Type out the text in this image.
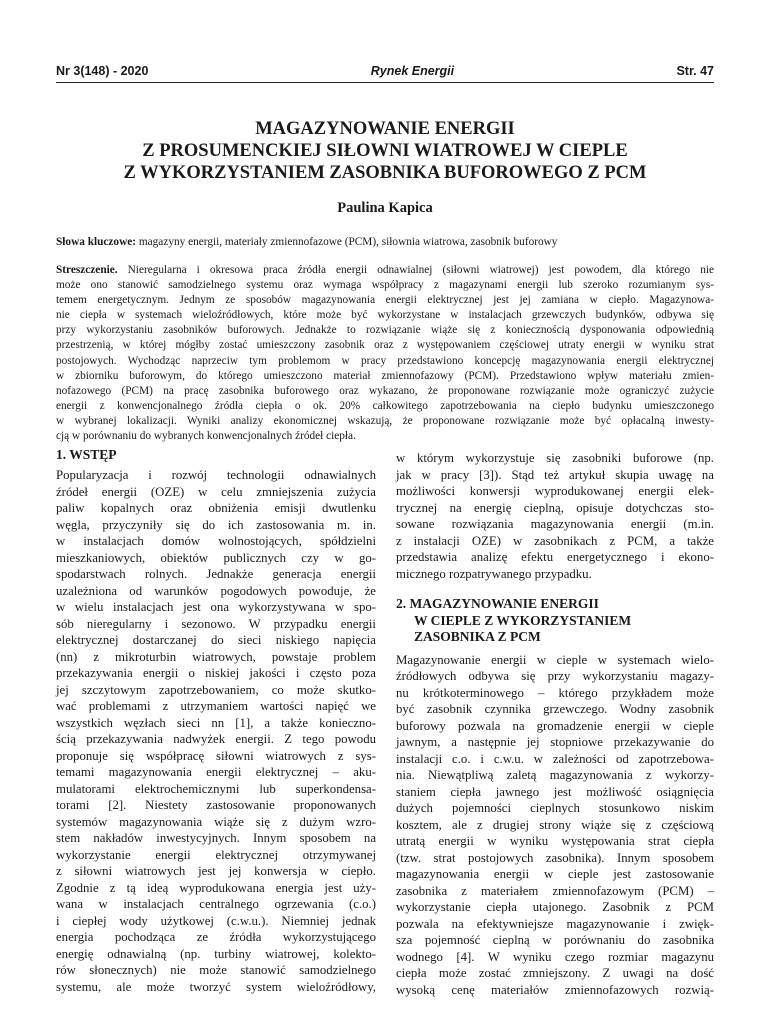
Nr 3(148) - 2020	Rynek Energii	Str. 47
MAGAZYNOWANIE ENERGII
Z PROSUMENCKIEJ SIŁOWNI WIATROWEJ W CIEPLE
Z WYKORZYSTANIEM ZASOBNIKA BUFOROWEGO Z PCM
Paulina Kapica
Słowa kluczowe: magazyny energii, materiały zmiennofazowe (PCM), siłownia wiatrowa, zasobnik buforowy
Streszczenie. Nieregularna i okresowa praca źródła energii odnawialnej (siłowni wiatrowej) jest powodem, dla którego nie
może ono stanowić samodzielnego systemu oraz wymaga współpracy z magazynami energii lub szeroko rozumianym sys-
temem energetycznym. Jednym ze sposobów magazynowania energii elektrycznej jest jej zamiana w ciepło. Magazynowa-
nie ciepła w systemach wieloźródłowych, które może być wykorzystane w instalacjach grzewczych budynków, odbywa się
przy wykorzystaniu zasobników buforowych. Jednakże to rozwiązanie wiąże się z koniecznością dysponowania odpowiednią
przestrzenią, w której mógłby zostać umieszczony zasobnik oraz z występowaniem częściowej utraty energii w wyniku strat
postojowych. Wychodząc naprzeciw tym problemom w pracy przedstawiono koncepcję magazynowania energii elektrycznej
w zbiorniku buforowym, do którego umieszczono materiał zmiennofazowy (PCM). Przedstawiono wpływ materiału zmien-
nofazowego (PCM) na pracę zasobnika buforowego oraz wykazano, że proponowane rozwiązanie może ograniczyć zużycie
energii z konwencjonalnego źródła ciepła o ok. 20% całkowitego zapotrzebowania na ciepło budynku umieszczonego
w wybranej lokalizacji. Wyniki analizy ekonomicznej wskazują, że proponowane rozwiązanie może być opłacalną inwesty-
cją w porównaniu do wybranych konwencjonalnych źródeł ciepła.
1. WSTĘP
Popularyzacja i rozwój technologii odnawialnych
źródeł energii (OZE) w celu zmniejszenia zużycia
paliw kopalnych oraz obniżenia emisji dwutlenku
węgla, przyczyniły się do ich zastosowania m. in.
w instalacjach domów wolnostojących, spółdzielni
mieszkaniowych, obiektów publicznych czy w go-
spodarstwach rolnych. Jednakże generacja energii
uzależniona od warunków pogodowych powoduje, że
w wielu instalacjach jest ona wykorzystywana w spo-
sób nieregularny i sezonowo. W przypadku energii
elektrycznej dostarczanej do sieci niskiego napięcia
(nn) z mikroturbin wiatrowych, powstaje problem
przekazywania energii o niskiej jakości i często poza
jej szczytowym zapotrzebowaniem, co może skutko-
wać problemami z utrzymaniem wartości napięć we
wszystkich węzłach sieci nn [1], a także konieczno-
ścią przekazywania nadwyżek energii. Z tego powodu
proponuje się współpracę siłowni wiatrowych z sys-
temami magazynowania energii elektrycznej – aku-
mulatorami elektrochemicznymi lub superkondensa-
torami [2]. Niestety zastosowanie proponowanych
systemów magazynowania wiąże się z dużym wzro-
stem nakładów inwestycyjnych. Innym sposobem na
wykorzystanie energii elektrycznej otrzymywanej
z siłowni wiatrowych jest jej konwersja w ciepło.
Zgodnie z tą ideą wyprodukowana energia jest uży-
wana w instalacjach centralnego ogrzewania (c.o.)
i ciepłej wody użytkowej (c.w.u.). Niemniej jednak
energia pochodząca ze źródła wykorzystującego
energię odnawialną (np. turbiny wiatrowej, kolekto-
rów słonecznych) nie może stanowić samodzielnego
systemu, ale może tworzyć system wieloźródłowy,
w którym wykorzystuje się zasobniki buforowe (np.
jak w pracy [3]). Stąd też artykuł skupia uwagę na
możliwości konwersji wyprodukowanej energii elek-
trycznej na energię cieplną, opisuje dotychczas sto-
sowane rozwiązania magazynowania energii (m.in.
z instalacji OZE) w zasobnikach z PCM, a także
przedstawia analizę efektu energetycznego i ekono-
micznego rozpatrywanego przypadku.
2. MAGAZYNOWANIE ENERGII
W CIEPLE Z WYKORZYSTANIEM
ZASOBNIKA Z PCM
Magazynowanie energii w cieple w systemach wielo-
źródłowych odbywa się przy wykorzystaniu magazy-
nu krótkoterminowego – którego przykładem może
być zasobnik czynnika grzewczego. Wodny zasobnik
buforowy pozwala na gromadzenie energii w cieple
jawnym, a następnie jej stopniowe przekazywanie do
instalacji c.o. i c.w.u. w zależności od zapotrzebowa-
nia. Niewątpliwą zaletą magazynowania z wykorzy-
staniem ciepła jawnego jest możliwość osiągnięcia
dużych pojemności cieplnych stosunkowo niskim
kosztem, ale z drugiej strony wiąże się z częściową
utratą energii w wyniku występowania strat ciepła
(tzw. strat postojowych zasobnika). Innym sposobem
magazynowania energii w cieple jest zastosowanie
zasobnika z materiałem zmiennofazowym (PCM) –
wykorzystanie ciepła utajonego. Zasobnik z PCM
pozwala na efektywniejsze magazynowanie i zwięk-
sza pojemność cieplną w porównaniu do zasobnika
wodnego [4]. W wyniku czego rozmiar magazynu
ciepła może zostać zmniejszony. Z uwagi na dość
wysoką cenę materiałów zmiennofazowych rozwią-
